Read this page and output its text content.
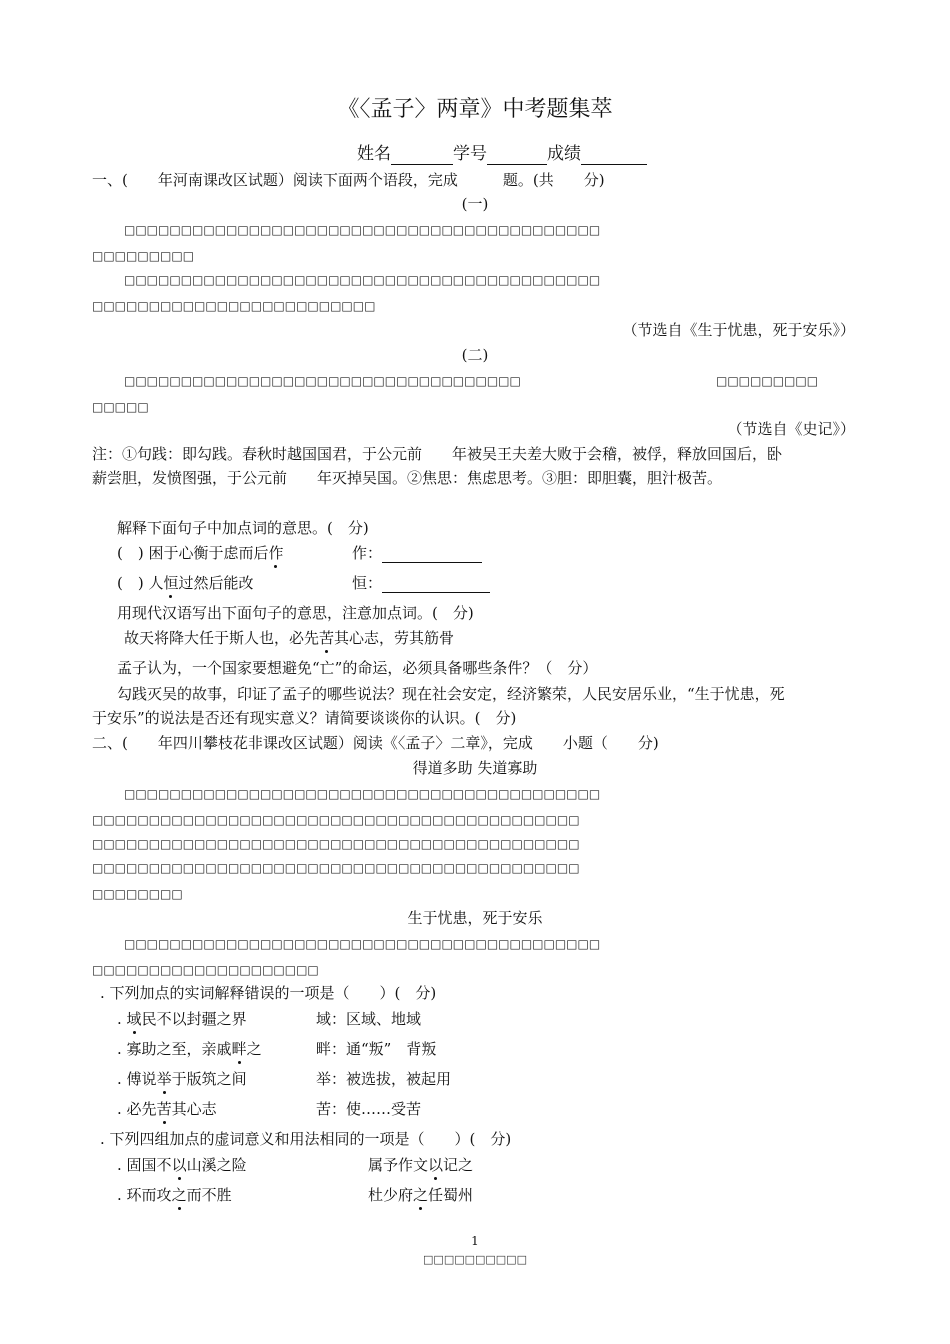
《〈孟子〉两章》中考题集萃
姓名	学号	成绩
一、(　　年河南课改区试题）阅读下面两个语段，完成　　　题。(共　　分)
(一)
□□□□□□□□□□□□□□□□□□□□□□□□□□□□□□□□□□□□□□□□□□
□□□□□□□□□
□□□□□□□□□□□□□□□□□□□□□□□□□□□□□□□□□□□□□□□□□□
□□□□□□□□□□□□□□□□□□□□□□□□□
（节选自《生于忧患，死于安乐》）
(二)
□□□□□□□□□□□□□□□□□□□□□□□□□□□□□□□□□□□	□□□□□□□□□
□□□□□
（节选自《史记》）
注：①句践：即勾践。春秋时越国国君，于公元前　　年被吴王夫差大败于会稽，被俘，释放回国后，卧
薪尝胆，发愤图强，于公元前　　年灭掉吴国。②焦思：焦虑思考。③胆：即胆囊，胆汁极苦。
解释下面句子中加点词的意思。(　分)
(　) 困于心衡于虑而后作	作：
(　) 人恒过然后能改	恒：
用现代汉语写出下面句子的意思，注意加点词。(　分)
故天将降大任于斯人也，必先苦其心志，劳其筋骨
孟子认为，一个国家要想避免“亡”的命运，必须具备哪些条件？（　分）
勾践灭吴的故事，印证了孟子的哪些说法？现在社会安定，经济繁荣，人民安居乐业，“生于忧患，死
于安乐”的说法是否还有现实意义？请简要谈谈你的认识。(　分)
二、(　　年四川攀枝花非课改区试题）阅读《〈孟子〉二章》，完成　　小题（　　分)
得道多助 失道寡助
□□□□□□□□□□□□□□□□□□□□□□□□□□□□□□□□□□□□□□□□□□
□□□□□□□□□□□□□□□□□□□□□□□□□□□□□□□□□□□□□□□□□□□
□□□□□□□□□□□□□□□□□□□□□□□□□□□□□□□□□□□□□□□□□□□
□□□□□□□□□□□□□□□□□□□□□□□□□□□□□□□□□□□□□□□□□□□
□□□□□□□□
生于忧患，死于安乐
□□□□□□□□□□□□□□□□□□□□□□□□□□□□□□□□□□□□□□□□□□
□□□□□□□□□□□□□□□□□□□□
. 下列加点的实词解释错误的一项是（　　）(　分)
. 域民不以封疆之界	域：区域、地域
. 寡助之至，亲戚畔之	畔：通“叛”　背叛
. 傅说举于版筑之间	举：被选拔，被起用
. 必先苦其心志	苦：使……受苦
. 下列四组加点的虚词意义和用法相同的一项是（　　）(　分)
. 固国不以山溪之险	属予作文以记之
. 环而攻之而不胜	杜少府之任蜀州
1
□□□□□□□□□□
